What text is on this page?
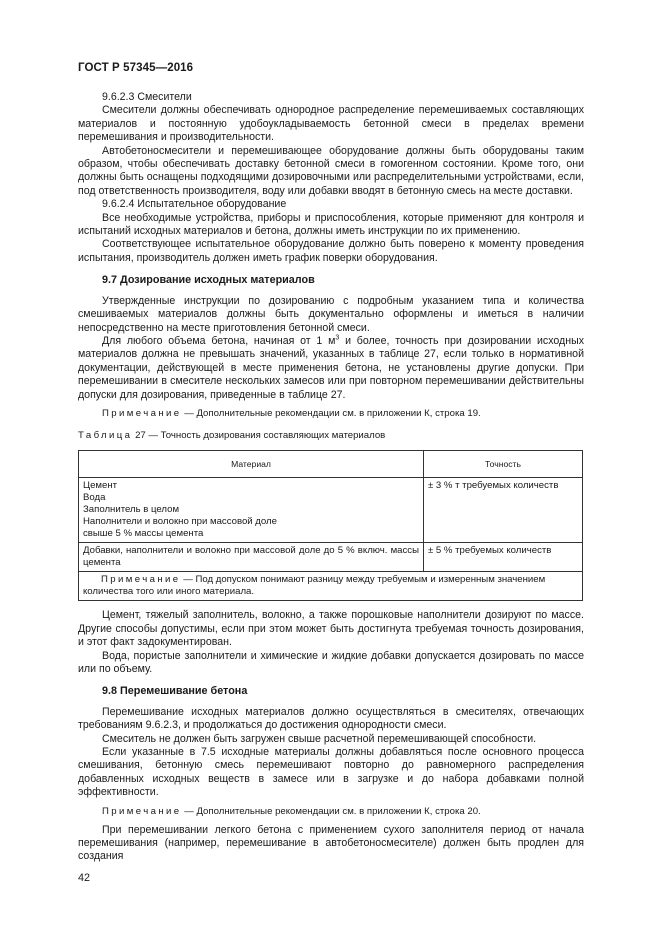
ГОСТ Р 57345—2016

9.6.2.3 Смесители

Смесители должны обеспечивать однородное распределение перемешиваемых составляющих материалов и постоянную удобоукладываемость бетонной смеси в пределах времени перемешивания и производительности.

Автобетоносмесители и перемешивающее оборудование должны быть оборудованы таким образом, чтобы обеспечивать доставку бетонной смеси в гомогенном состоянии. Кроме того, они должны быть оснащены подходящими дозировочными или распределительными устройствами, если, под ответственность производителя, воду или добавки вводят в бетонную смесь на месте доставки.

9.6.2.4 Испытательное оборудование

Все необходимые устройства, приборы и приспособления, которые применяют для контроля и испытаний исходных материалов и бетона, должны иметь инструкции по их применению.

Соответствующее испытательное оборудование должно быть поверено к моменту проведения испытания, производитель должен иметь график поверки оборудования.

9.7 Дозирование исходных материалов

Утвержденные инструкции по дозированию с подробным указанием типа и количества смешиваемых материалов должны быть документально оформлены и иметься в наличии непосредственно на месте приготовления бетонной смеси.

Для любого объема бетона, начиная от 1 $м^3$ и более, точность при дозировании исходных материалов должна не превышать значений, указанных в таблице 27, если только в нормативной документации, действующей в месте применения бетона, не установлены другие допуски. При перемешивании в смесителе нескольких замесов или при повторном перемешивании действительны допуски для дозирования, приведенные в таблице 27.

Примечание — Дополнительные рекомендации см. в приложении К, строка 19.

Таблица 27 — Точность дозирования составляющих материалов
Материал	Точность

Цемент
Вода
Заполнитель в целом
Наполнители и волокно при массовой доле
свыше 5 % массы цемента	± 3 % т требуемых количеств
Добавки, наполнители и волокно при массовой доле до 5 % включ. массы цемента	± 5 % требуемых количеств
Примечание — Под допуском понимают разницу между требуемым и измеренным значением количества того или иного материала.	

Цемент, тяжелый заполнитель, волокно, а также порошковые наполнители дозируют по массе. Другие способы допустимы, если при этом может быть достигнута требуемая точность дозирования, и этот факт задокументирован.

Вода, пористые заполнители и химические и жидкие добавки допускается дозировать по массе или по объему.

9.8 Перемешивание бетона

Перемешивание исходных материалов должно осуществляться в смесителях, отвечающих требованиям 9.6.2.3, и продолжаться до достижения однородности смеси.

Смеситель не должен быть загружен свыше расчетной перемешивающей способности.

Если указанные в 7.5 исходные материалы должны добавляться после основного процесса смешивания, бетонную смесь перемешивают повторно до равномерного распределения добавленных исходных веществ в замесе или в загрузке и до набора добавками полной эффективности.

Примечание — Дополнительные рекомендации см. в приложении К, строка 20.

При перемешивании легкого бетона с применением сухого заполнителя период от начала перемешивания (например, перемешивание в автобетоносмесителе) должен быть продлен для создания

42
